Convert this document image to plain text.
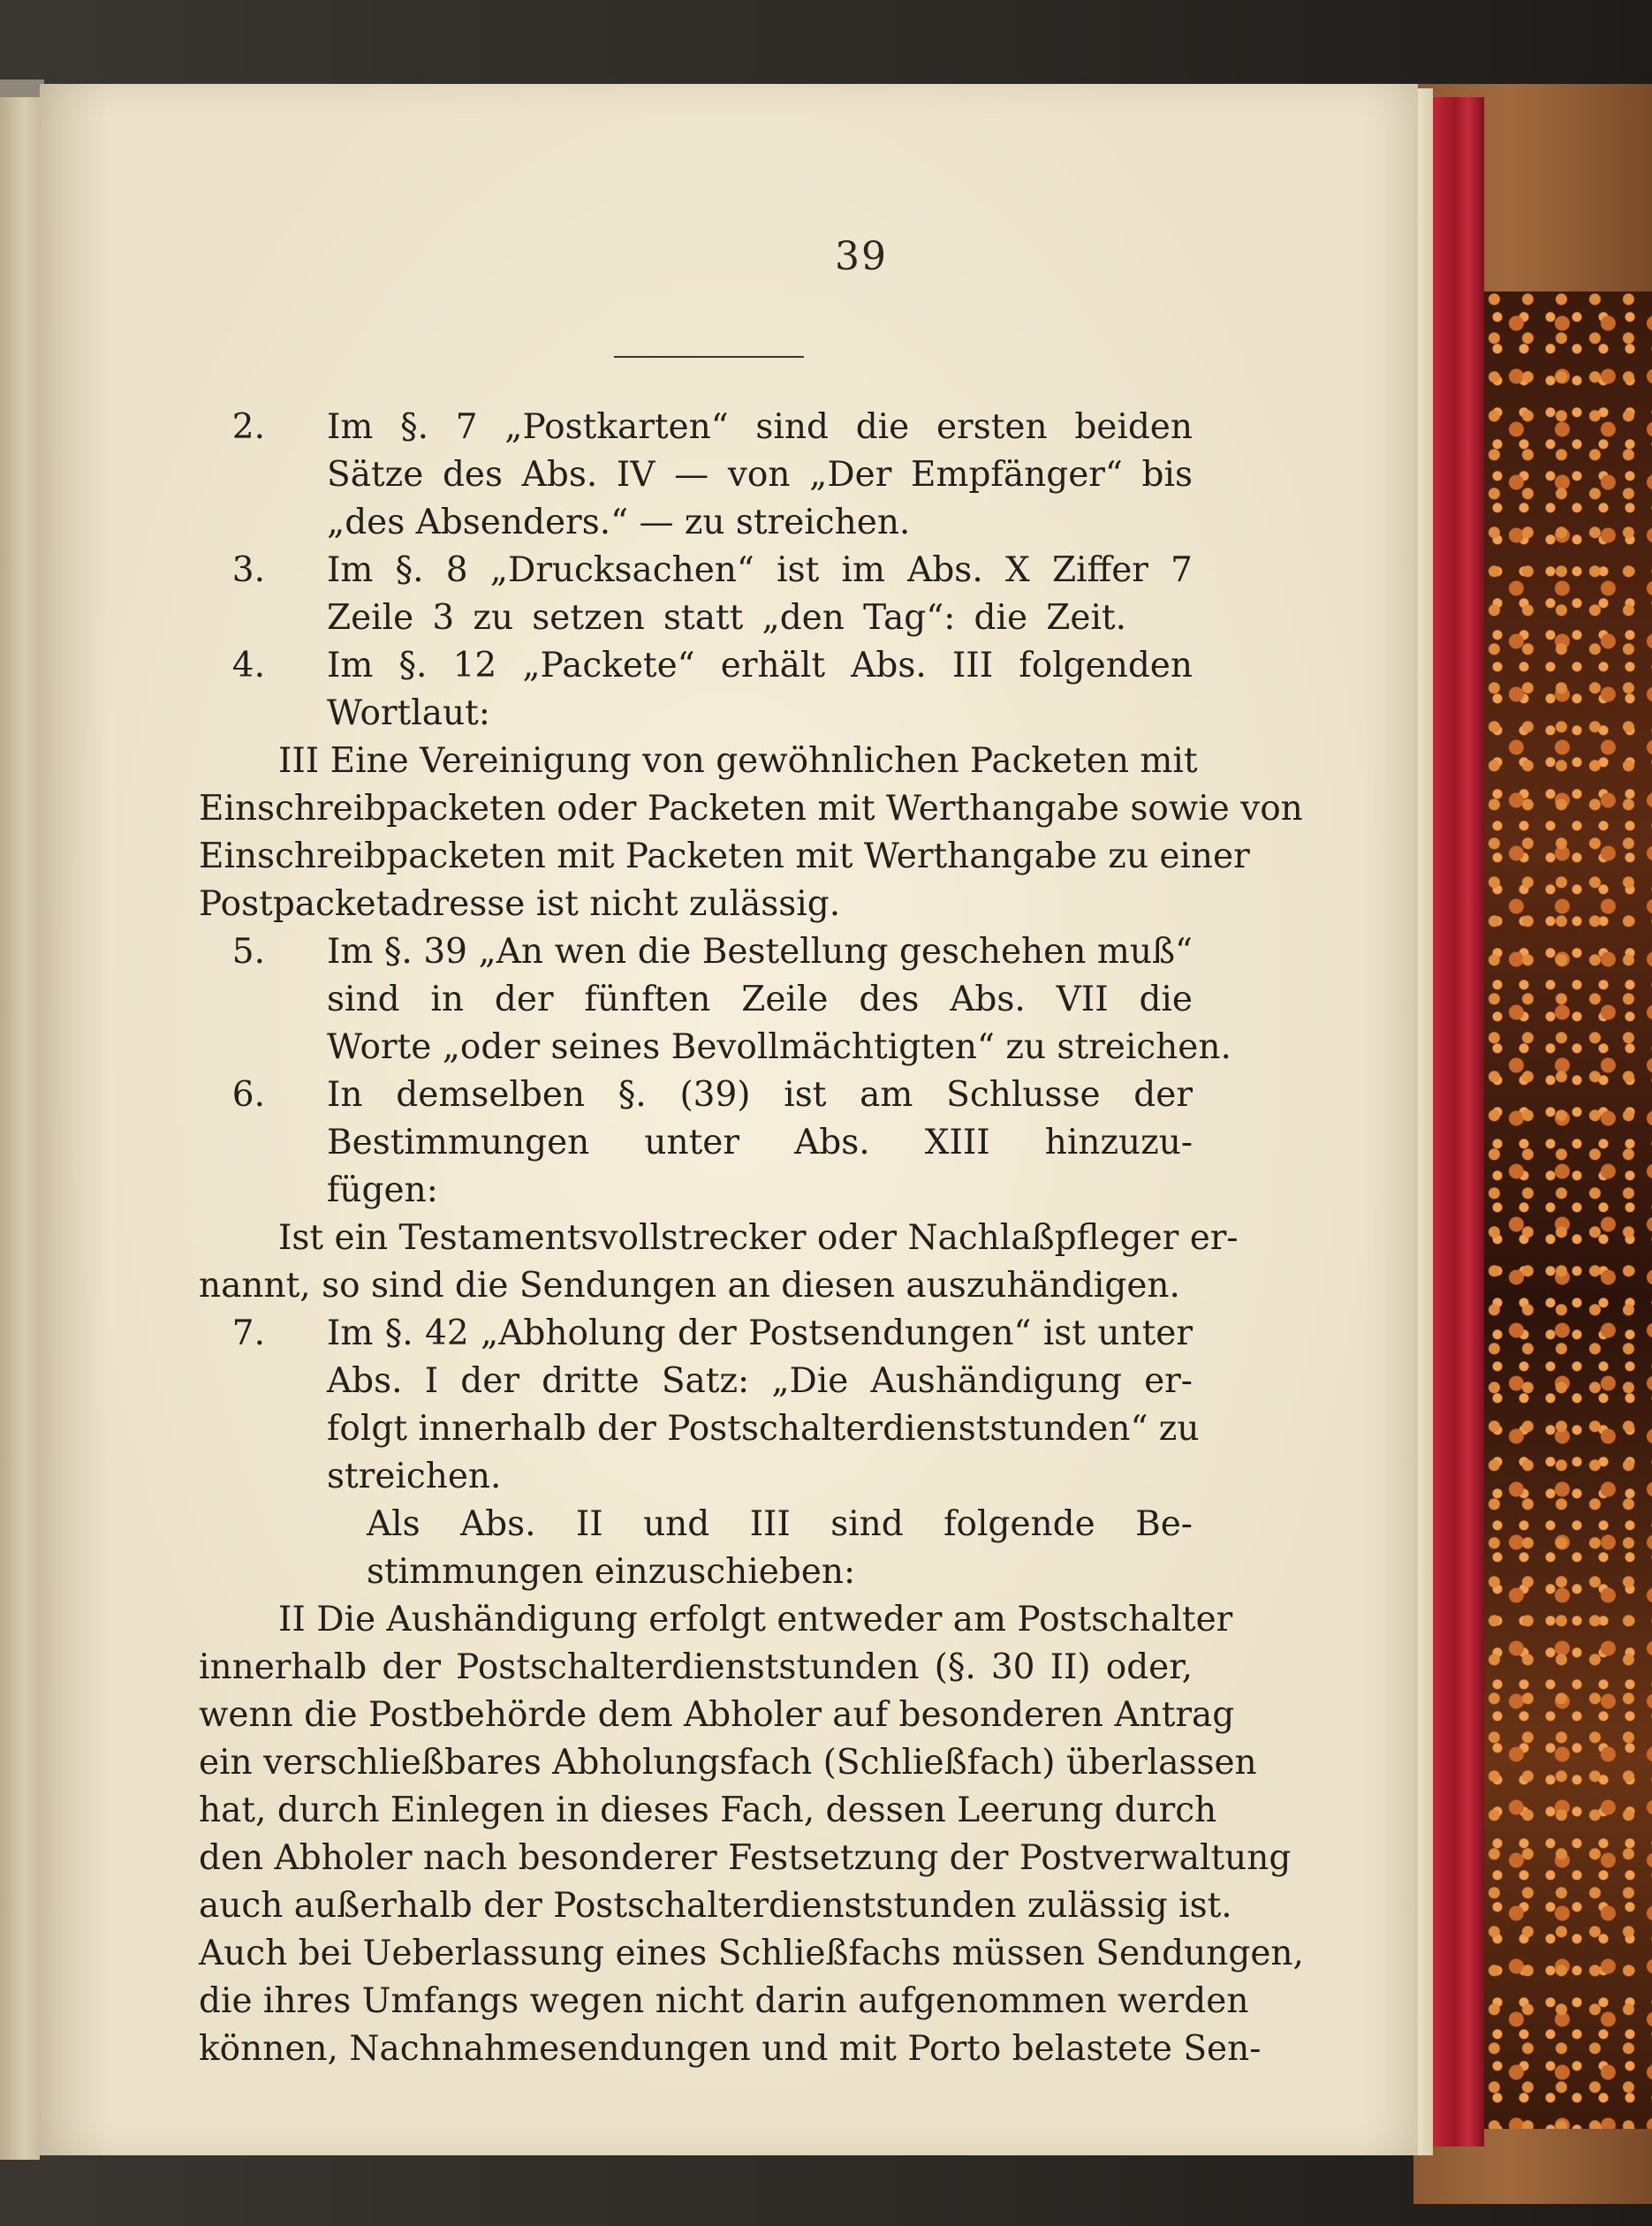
39
2. Im §. 7 „Postkarten“ sind die ersten beiden
Sätze des Abs. IV — von „Der Empfänger“ bis
„des Absenders.“ — zu streichen.
3. Im §. 8 „Drucksachen“ ist im Abs. X Ziffer 7
Zeile 3 zu setzen statt „den Tag“: die Zeit.
4. Im §. 12 „Packete“ erhält Abs. III folgenden
Wortlaut:
III Eine Vereinigung von gewöhnlichen Packeten mit
Einschreibpacketen oder Packeten mit Werthangabe sowie von
Einschreibpacketen mit Packeten mit Werthangabe zu einer
Postpacketadresse ist nicht zulässig.
5. Im §. 39 „An wen die Bestellung geschehen muß“
sind in der fünften Zeile des Abs. VII die
Worte „oder seines Bevollmächtigten“ zu streichen.
6. In demselben §. (39) ist am Schlusse der
Bestimmungen unter Abs. XIII hinzuzu-
fügen:
Ist ein Testamentsvollstrecker oder Nachlaßpfleger er-
nannt, so sind die Sendungen an diesen auszuhändigen.
7. Im §. 42 „Abholung der Postsendungen“ ist unter
Abs. I der dritte Satz: „Die Aushändigung er-
folgt innerhalb der Postschalterdienststunden“ zu
streichen.
Als Abs. II und III sind folgende Be-
stimmungen einzuschieben:
II Die Aushändigung erfolgt entweder am Postschalter
innerhalb der Postschalterdienststunden (§. 30 II) oder,
wenn die Postbehörde dem Abholer auf besonderen Antrag
ein verschließbares Abholungsfach (Schließfach) überlassen
hat, durch Einlegen in dieses Fach, dessen Leerung durch
den Abholer nach besonderer Festsetzung der Postverwaltung
auch außerhalb der Postschalterdienststunden zulässig ist.
Auch bei Ueberlassung eines Schließfachs müssen Sendungen,
die ihres Umfangs wegen nicht darin aufgenommen werden
können, Nachnahmesendungen und mit Porto belastete Sen-
